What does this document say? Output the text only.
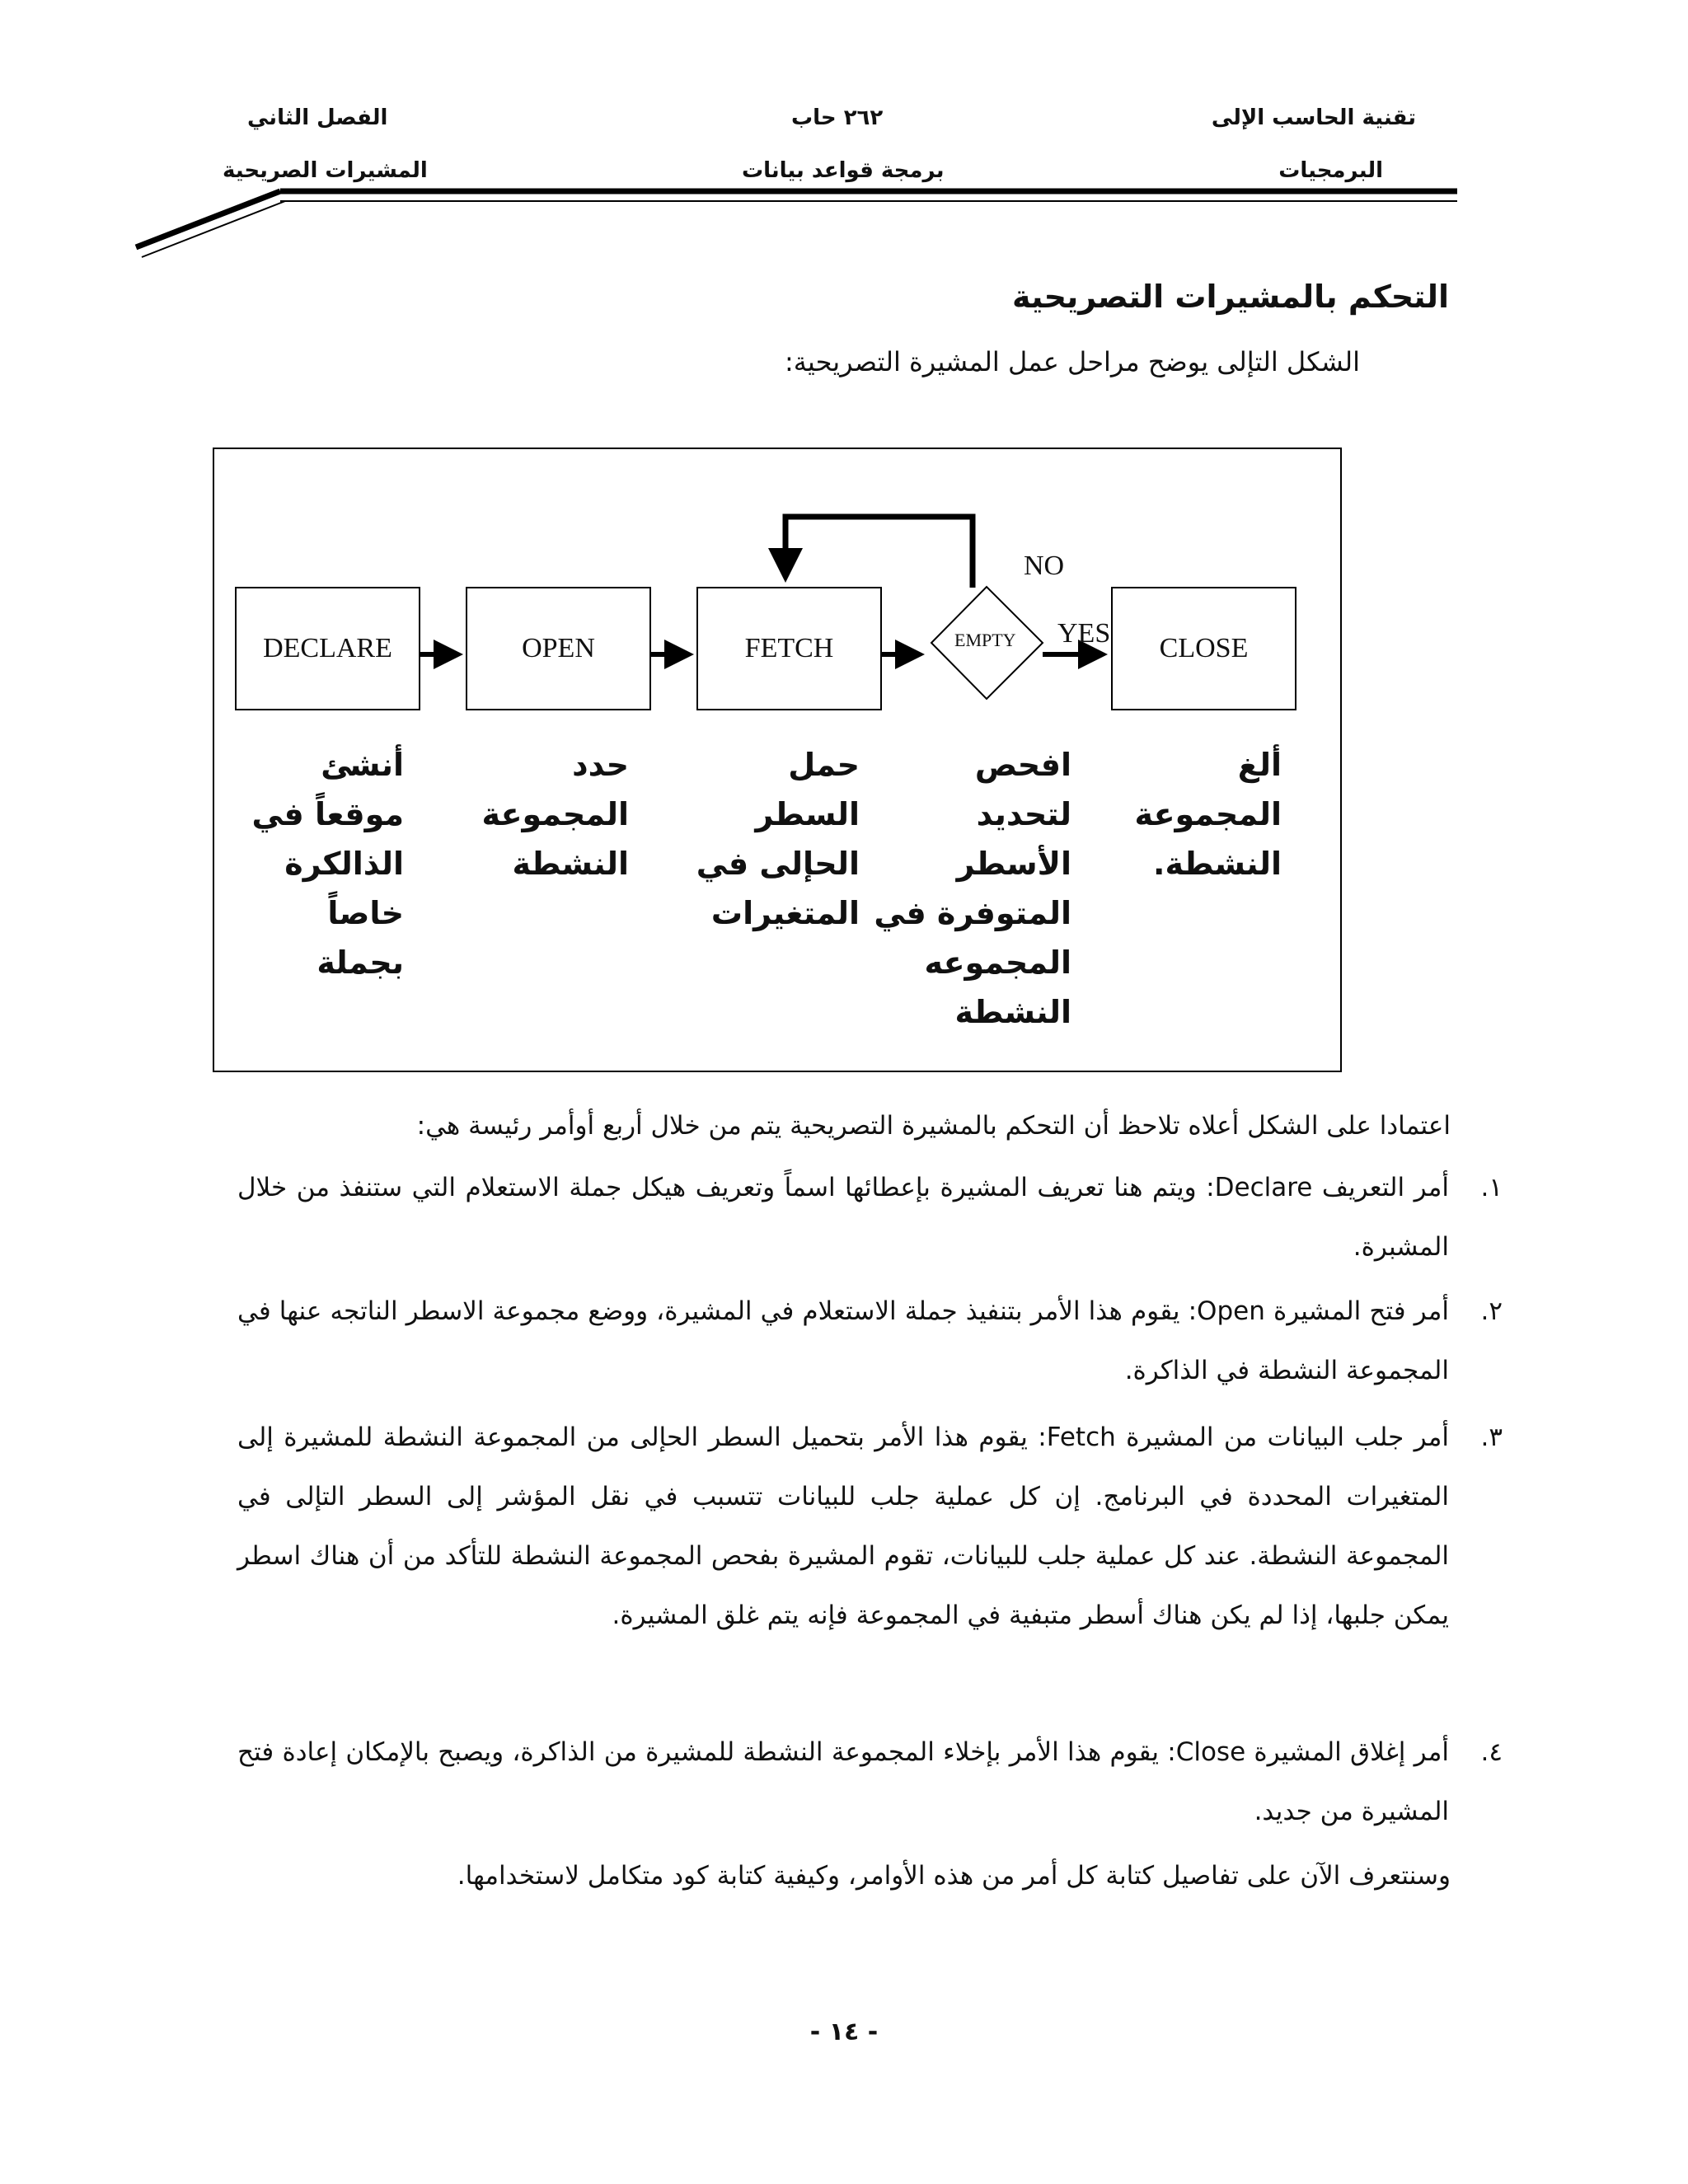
تقنية الحاسب الإلى
البرمجيات
٢٦٢ حاب
برمجة قواعد بيانات
الفصل الثاني
المشيرات الصريحية
التحكم بالمشيرات التصريحية
الشكل التإلى يوضح مراحل عمل المشيرة التصريحية:
DECLARE	OPEN	FETCH	CLOSE
EMPTY
NO
YES
أنشئ
موقعاً في
الذالكرة
خاصاً
بجملة
حدد
المجموعة
النشطة
حمل
السطر
الحإلى في
المتغيرات
افحص
لتحديد
الأسطر
المتوفرة في
المجموعه
النشطة
ألغ
المجموعة
النشطة.
اعتمادا على الشكل أعلاه تلاحظ أن التحكم بالمشيرة التصريحية يتم من خلال أربع أوأمر رئيسة هي:
١.
أمر التعريف Declare: ويتم هنا تعريف المشيرة بإعطائها اسماً وتعريف هيكل جملة الاستعلام التي ستنفذ من خلال المشبرة.
٢.
أمر فتح المشيرة Open: يقوم هذا الأمر بتنفيذ جملة الاستعلام في المشيرة، ووضع مجموعة الاسطر الناتجه عنها في المجموعة النشطة في الذاكرة.
٣.
أمر جلب البيانات من المشيرة Fetch: يقوم هذا الأمر بتحميل السطر الحإلى من المجموعة النشطة للمشيرة إلى المتغيرات المحددة في البرنامج. إن كل عملية جلب للبيانات تتسبب في نقل المؤشر إلى السطر التإلى في المجموعة النشطة. عند كل عملية جلب للبيانات، تقوم المشيرة بفحص المجموعة النشطة للتأكد من أن هناك اسطر يمكن جلبها، إذا لم يكن هناك أسطر متبفية في المجموعة فإنه يتم غلق المشيرة.
٤.
أمر إغلاق المشيرة Close: يقوم هذا الأمر بإخلاء المجموعة النشطة للمشيرة من الذاكرة، ويصبح بالإمكان إعادة فتح المشيرة من جديد.
وسنتعرف الآن على تفاصيل كتابة كل أمر من هذه الأوامر، وكيفية كتابة كود متكامل لاستخدامها.
- ١٤ -
